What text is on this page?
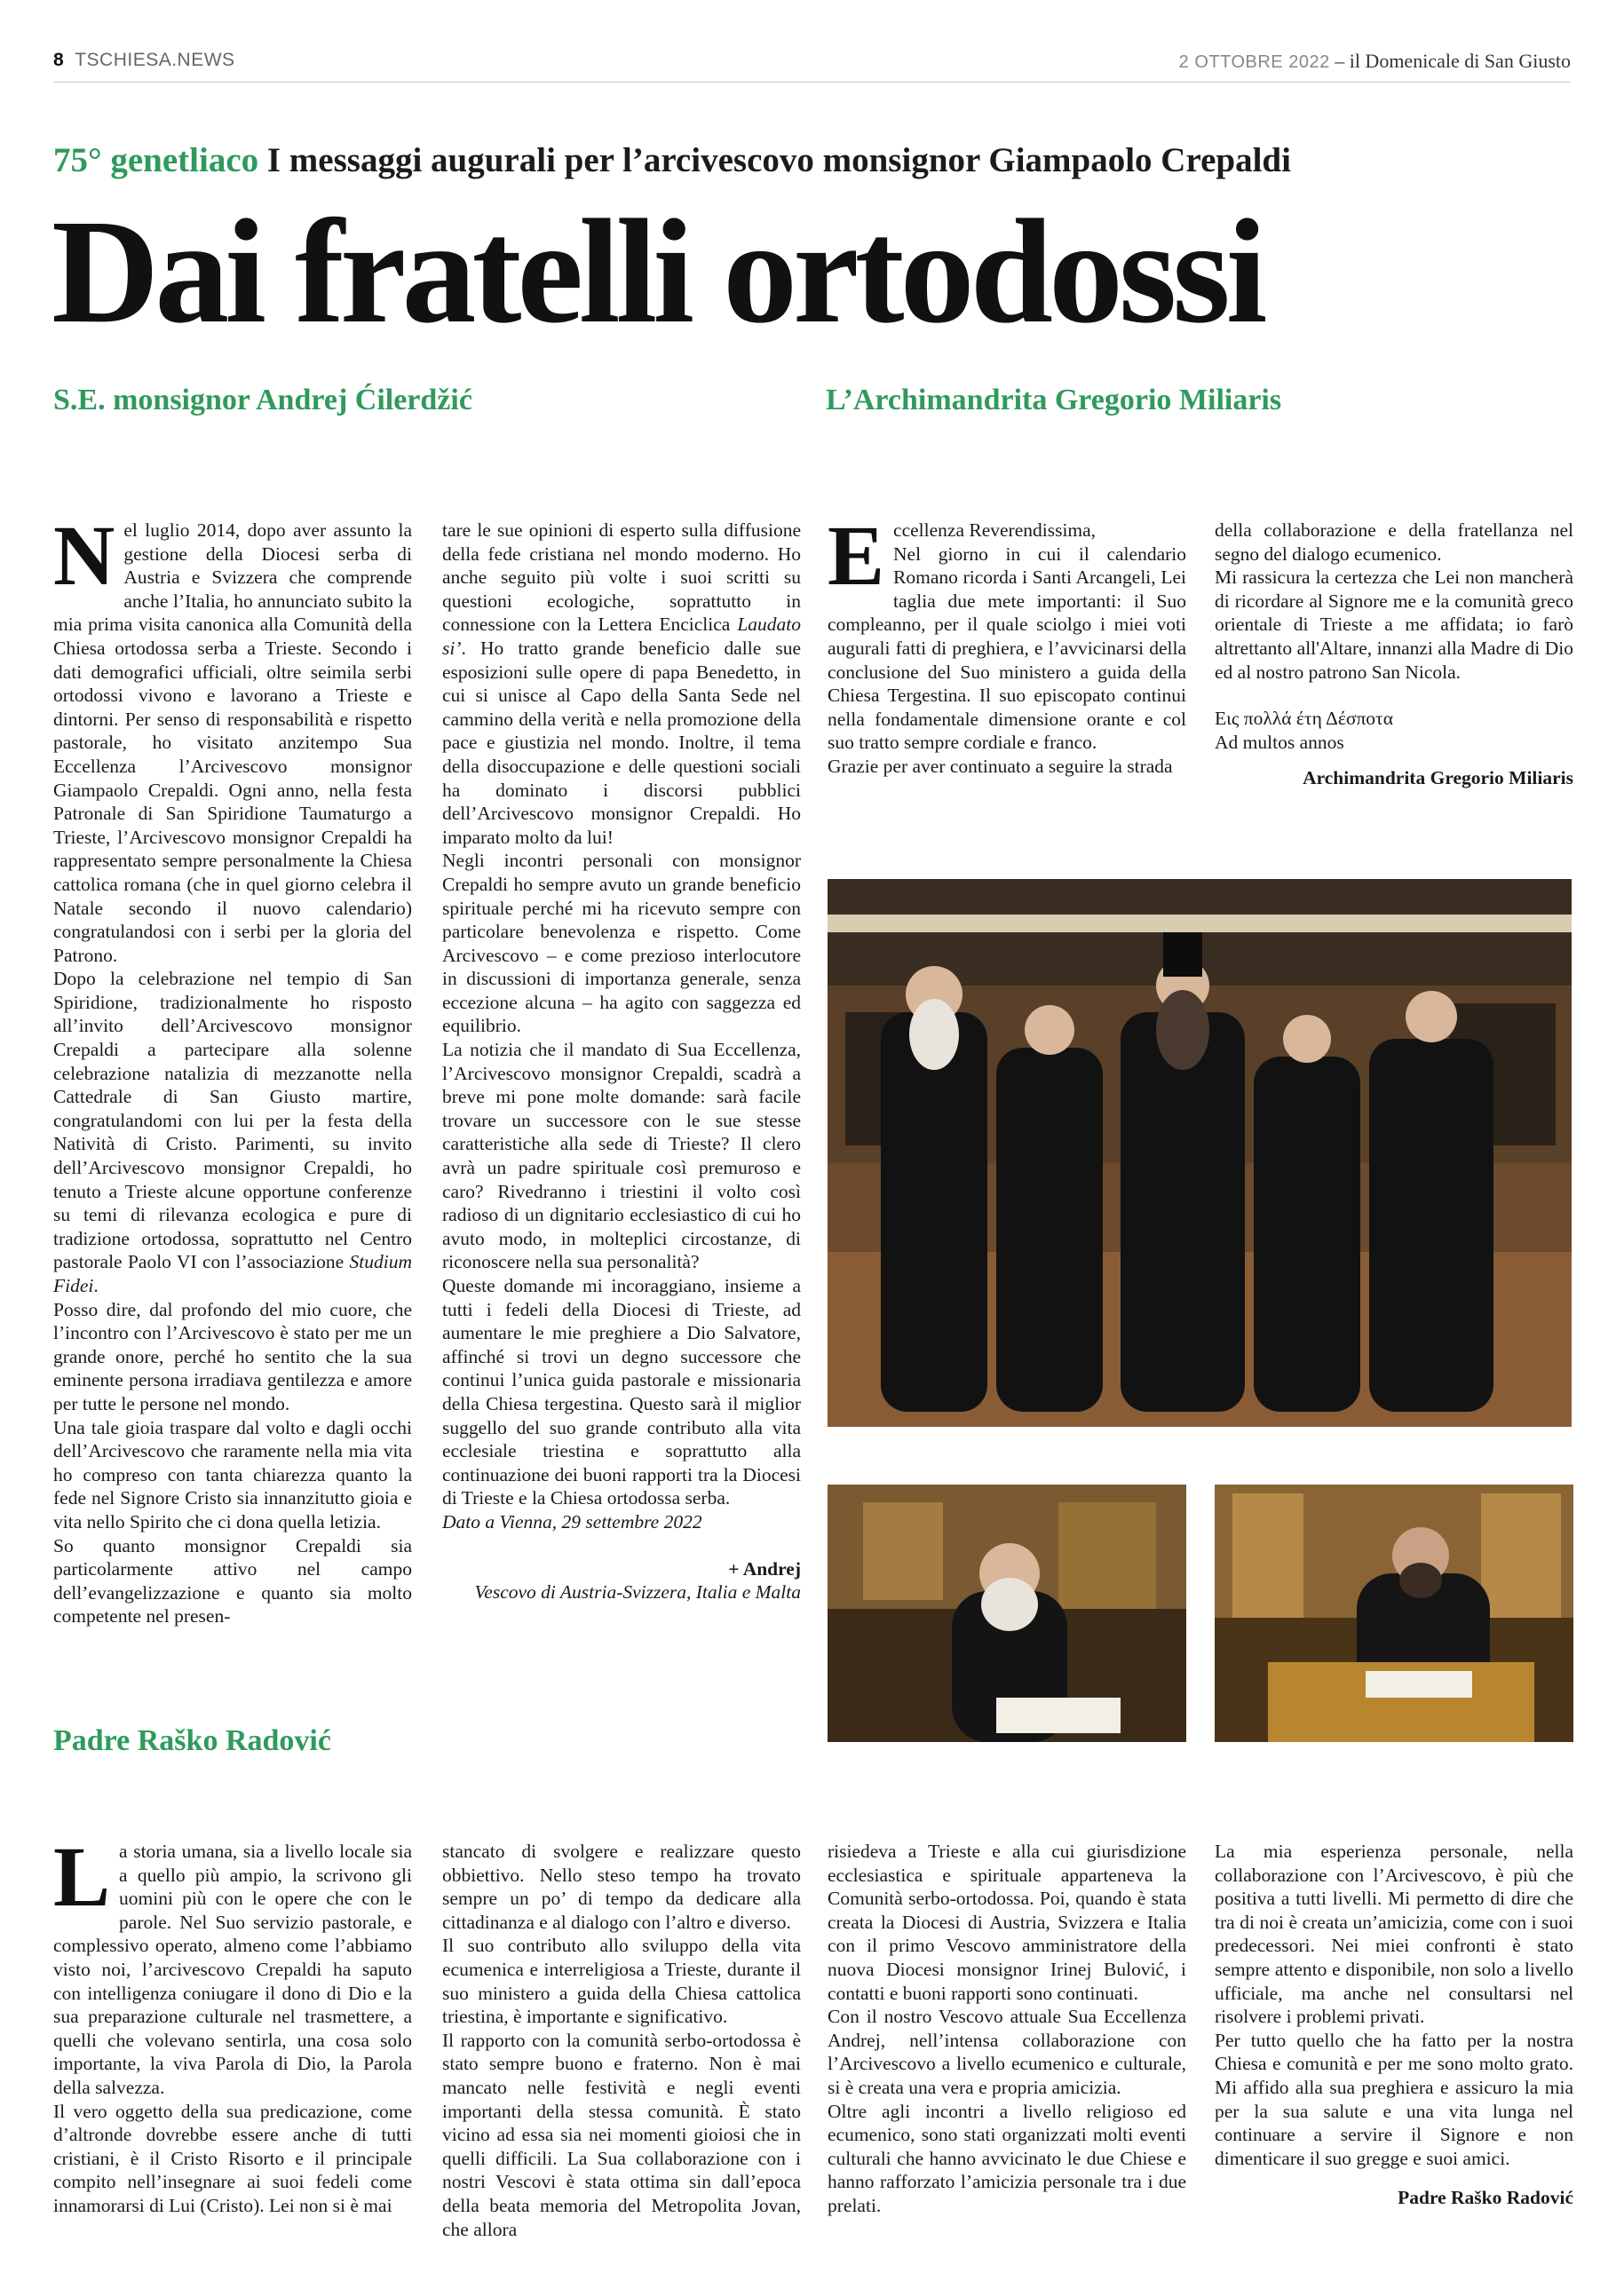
8 TSCHIESA.NEWS	2 OTTOBRE 2022 – il Domenicale di San Giusto
75° genetliaco I messaggi augurali per l’arcivescovo monsignor Giampaolo Crepaldi
Dai fratelli ortodossi
S.E. monsignor Andrej Ćilerdžić	L’Archimandrita Gregorio Miliaris

Nel luglio 2014, dopo aver assunto la gestione della Diocesi serba di Austria e Svizzera che comprende anche l’Italia, ho annunciato subito la mia prima visita canonica alla Comunità della Chiesa ortodossa serba a Trieste. Secondo i dati demografici ufficiali, oltre seimila serbi ortodossi vivono e lavorano a Trieste e dintorni. Per senso di responsabilità e rispetto pastorale, ho visitato anzitempo Sua Eccellenza l’Arcivescovo monsignor Giampaolo Crepaldi. Ogni anno, nella festa Patronale di San Spiridione Taumaturgo a Trieste, l’Arcivescovo monsignor Crepaldi ha rappresentato sempre personalmente la Chiesa cattolica romana (che in quel giorno celebra il Natale secondo il nuovo calendario) congratulandosi con i serbi per la gloria del Patrono.

Dopo la celebrazione nel tempio di San Spiridione, tradizionalmente ho risposto all’invito dell’Arcivescovo monsignor Crepaldi a partecipare alla solenne celebrazione natalizia di mezzanotte nella Cattedrale di San Giusto martire, congratulandomi con lui per la festa della Natività di Cristo. Parimenti, su invito dell’Arcivescovo monsignor Crepaldi, ho tenuto a Trieste alcune opportune conferenze su temi di rilevanza ecologica e pure di tradizione ortodossa, soprattutto nel Centro pastorale Paolo VI con l’associazione Studium Fidei.

Posso dire, dal profondo del mio cuore, che l’incontro con l’Arcivescovo è stato per me un grande onore, perché ho sentito che la sua eminente persona irradiava gentilezza e amore per tutte le persone nel mondo.

Una tale gioia traspare dal volto e dagli occhi dell’Arcivescovo che raramente nella mia vita ho compreso con tanta chiarezza quanto la fede nel Signore Cristo sia innanzitutto gioia e vita nello Spirito che ci dona quella letizia.

So quanto monsignor Crepaldi sia particolarmente attivo nel campo dell’evangelizzazione e quanto sia molto competente nel presen-

tare le sue opinioni di esperto sulla diffusione della fede cristiana nel mondo moderno. Ho anche seguito più volte i suoi scritti su questioni ecologiche, soprattutto in connessione con la Lettera Enciclica Laudato si’. Ho tratto grande beneficio dalle sue esposizioni sulle opere di papa Benedetto, in cui si unisce al Capo della Santa Sede nel cammino della verità e nella promozione della pace e giustizia nel mondo. Inoltre, il tema della disoccupazione e delle questioni sociali ha dominato i discorsi pubblici dell’Arcivescovo monsignor Crepaldi. Ho imparato molto da lui!

Negli incontri personali con monsignor Crepaldi ho sempre avuto un grande beneficio spirituale perché mi ha ricevuto sempre con particolare benevolenza e rispetto. Come Arcivescovo – e come prezioso interlocutore in discussioni di importanza generale, senza eccezione alcuna – ha agito con saggezza ed equilibrio.

La notizia che il mandato di Sua Eccellenza, l’Arcivescovo monsignor Crepaldi, scadrà a breve mi pone molte domande: sarà facile trovare un successore con le sue stesse caratteristiche alla sede di Trieste? Il clero avrà un padre spirituale così premuroso e caro? Rivedranno i triestini il volto così radioso di un dignitario ecclesiastico di cui ho avuto modo, in molteplici circostanze, di riconoscere nella sua personalità?

Queste domande mi incoraggiano, insieme a tutti i fedeli della Diocesi di Trieste, ad aumentare le mie preghiere a Dio Salvatore, affinché si trovi un degno successore che continui l’unica guida pastorale e missionaria della Chiesa tergestina. Questo sarà il miglior suggello del suo grande contributo alla vita ecclesiale triestina e soprattutto alla continuazione dei buoni rapporti tra la Diocesi di Trieste e la Chiesa ortodossa serba.

Dato a Vienna, 29 settembre 2022

+ Andrej

Vescovo di Austria-Svizzera, Italia e Malta

Eccellenza Reverendissima,

Nel giorno in cui il calendario Romano ricorda i Santi Arcangeli, Lei taglia due mete importanti: il Suo compleanno, per il quale sciolgo i miei voti augurali fatti di preghiera, e l’avvicinarsi della conclusione del Suo ministero a guida della Chiesa Tergestina. Il suo episcopato continui nella fondamentale dimensione orante e col suo tratto sempre cordiale e franco.

Grazie per aver continuato a seguire la strada

della collaborazione e della fratellanza nel segno del dialogo ecumenico.

Mi rassicura la certezza che Lei non mancherà di ricordare al Signore me e la comunità greco orientale di Trieste a me affidata; io farò altrettanto all'Altare, innanzi alla Madre di Dio ed al nostro patrono San Nicola.

Εις πολλά έτη Δέσποτα

Ad multos annos

Archimandrita Gregorio Miliaris

Padre Raško Radović

La storia umana, sia a livello locale sia a quello più ampio, la scrivono gli uomini più con le opere che con le parole. Nel Suo servizio pastorale, e complessivo operato, almeno come l’abbiamo visto noi, l’arcivescovo Crepaldi ha saputo con intelligenza coniugare il dono di Dio e la sua preparazione culturale nel trasmettere, a quelli che volevano sentirla, una cosa solo importante, la viva Parola di Dio, la Parola della salvezza.

Il vero oggetto della sua predicazione, come d’altronde dovrebbe essere anche di tutti cristiani, è il Cristo Risorto e il principale compito nell’insegnare ai suoi fedeli come innamorarsi di Lui (Cristo). Lei non si è mai

stancato di svolgere e realizzare questo obbiettivo. Nello steso tempo ha trovato sempre un po’ di tempo da dedicare alla cittadinanza e al dialogo con l’altro e diverso.

Il suo contributo allo sviluppo della vita ecumenica e interreligiosa a Trieste, durante il suo ministero a guida della Chiesa cattolica triestina, è importante e significativo.

Il rapporto con la comunità serbo-ortodossa è stato sempre buono e fraterno. Non è mai mancato nelle festività e negli eventi importanti della stessa comunità. È stato vicino ad essa sia nei momenti gioiosi che in quelli difficili. La Sua collaborazione con i nostri Vescovi è stata ottima sin dall’epoca della beata memoria del Metropolita Jovan, che allora

risiedeva a Trieste e alla cui giurisdizione ecclesiastica e spirituale apparteneva la Comunità serbo-ortodossa. Poi, quando è stata creata la Diocesi di Austria, Svizzera e Italia con il primo Vescovo amministratore della nuova Diocesi monsignor Irinej Bulović, i contatti e buoni rapporti sono continuati.

Con il nostro Vescovo attuale Sua Eccellenza Andrej, nell’intensa collaborazione con l’Arcivescovo a livello ecumenico e culturale, si è creata una vera e propria amicizia.

Oltre agli incontri a livello religioso ed ecumenico, sono stati organizzati molti eventi culturali che hanno avvicinato le due Chiese e hanno rafforzato l’amicizia personale tra i due prelati.

La mia esperienza personale, nella collaborazione con l’Arcivescovo, è più che positiva a tutti livelli. Mi permetto di dire che tra di noi è creata un’amicizia, come con i suoi predecessori. Nei miei confronti è stato sempre attento e disponibile, non solo a livello ufficiale, ma anche nel consultarsi nel risolvere i problemi privati.

Per tutto quello che ha fatto per la nostra Chiesa e comunità e per me sono molto grato. Mi affido alla sua preghiera e assicuro la mia per la sua salute e una vita lunga nel continuare a servire il Signore e non dimenticare il suo gregge e suoi amici.

Padre Raško Radović
